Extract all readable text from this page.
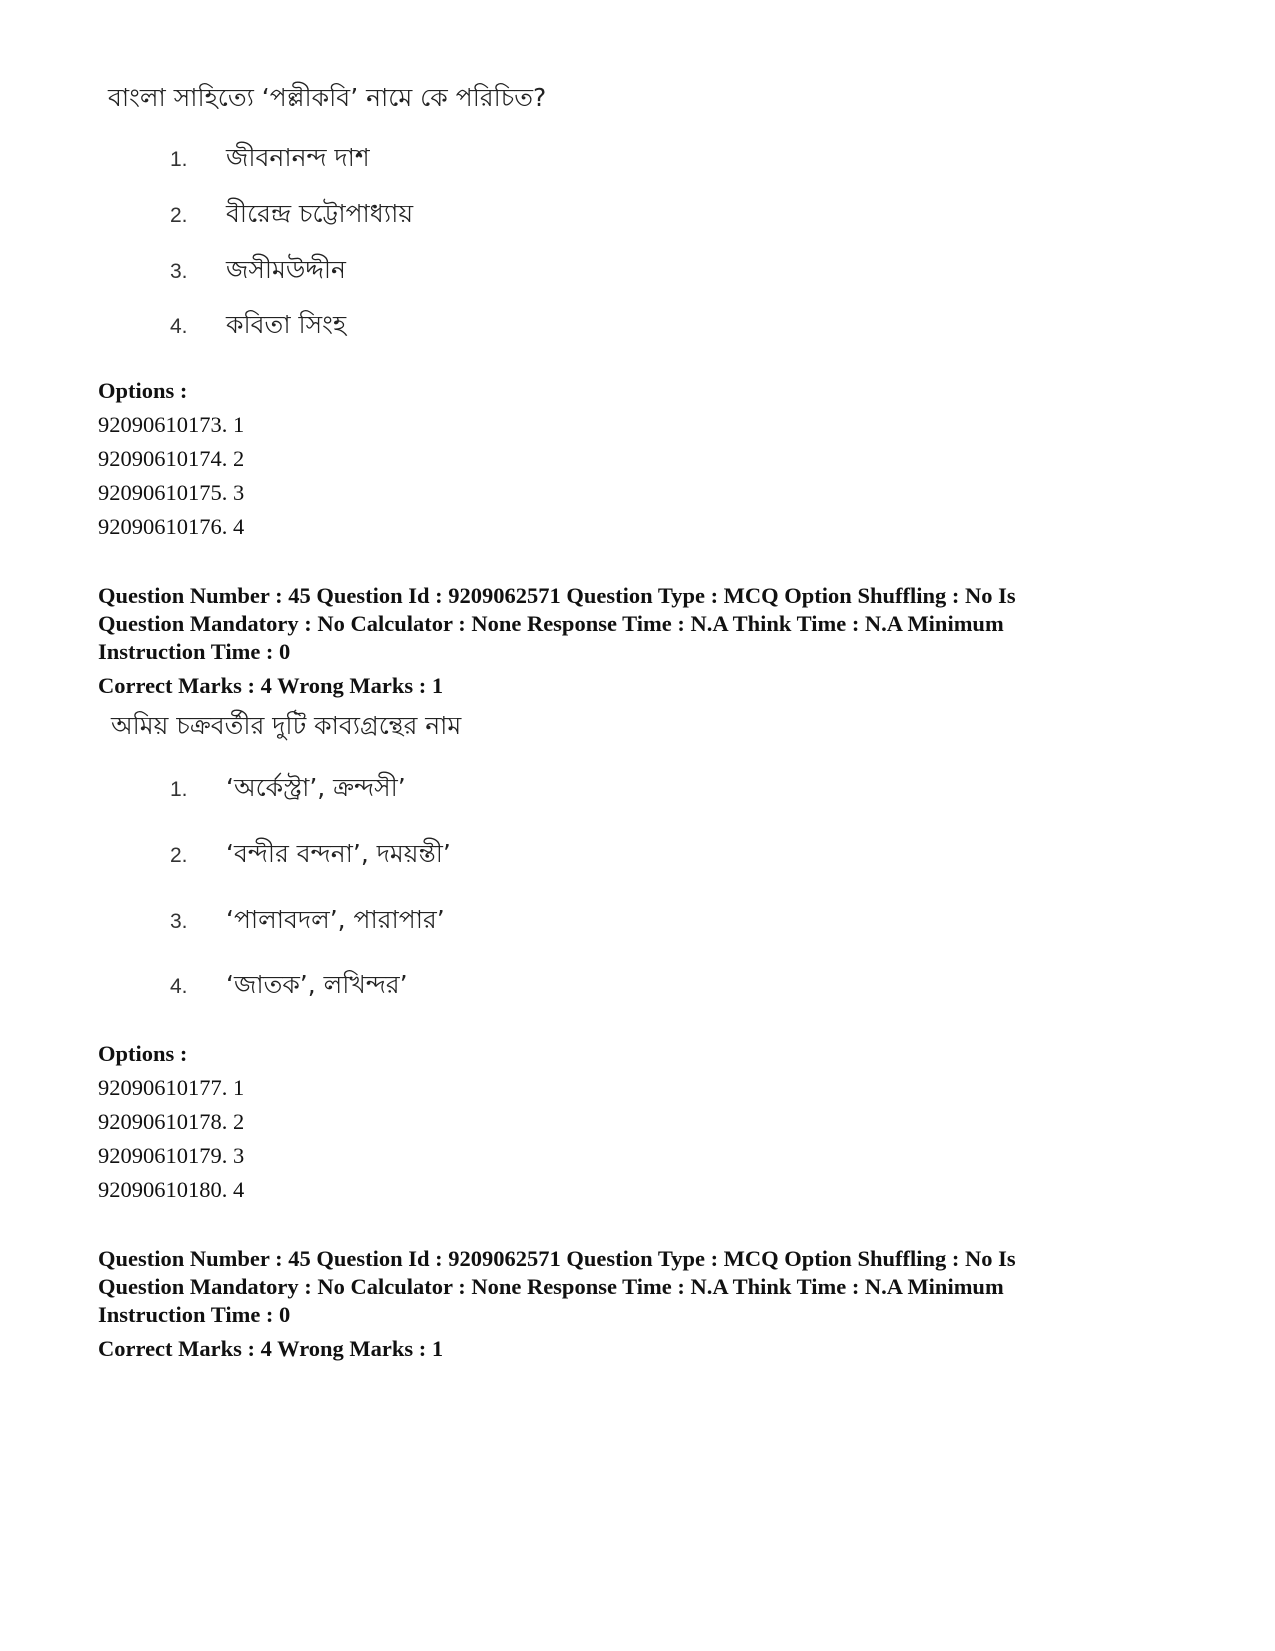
বাংলা সাহিত্যে ‘পল্লীকবি’ নামে কে পরিচিত?
1. জীবনানন্দ দাশ
2. বীরেন্দ্র চট্টোপাধ্যায়
3. জসীমউদ্দীন
4. কবিতা সিংহ
Options :
92090610173. 1
92090610174. 2
92090610175. 3
92090610176. 4
Question Number : 45 Question Id : 9209062571 Question Type : MCQ Option Shuffling : No Is
Question Mandatory : No Calculator : None Response Time : N.A Think Time : N.A Minimum
Instruction Time : 0
Correct Marks : 4 Wrong Marks : 1
অমিয় চক্রবর্তীর দুটি কাব্যগ্রন্থের নাম
1. ‘অর্কেস্ট্রা’, ক্রন্দসী’
2. ‘বন্দীর বন্দনা’, দময়ন্তী’
3. ‘পালাবদল’, পারাপার’
4. ‘জাতক’, লখিন্দর’
Options :
92090610177. 1
92090610178. 2
92090610179. 3
92090610180. 4
Question Number : 45 Question Id : 9209062571 Question Type : MCQ Option Shuffling : No Is
Question Mandatory : No Calculator : None Response Time : N.A Think Time : N.A Minimum
Instruction Time : 0
Correct Marks : 4 Wrong Marks : 1
